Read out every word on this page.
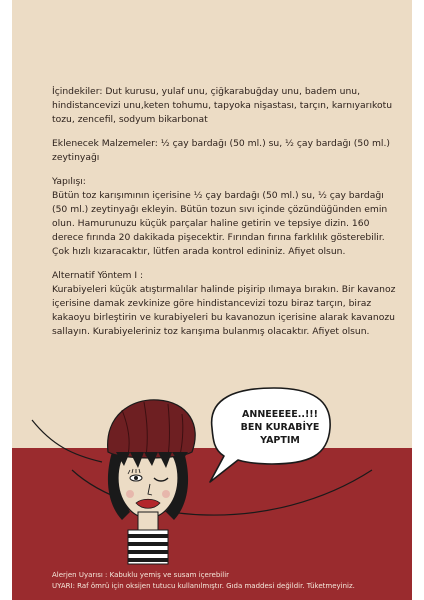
İçindekiler: Dut kurusu, yulaf unu, çiğkarabuğday unu, badem unu, hindistancevizi unu,keten tohumu, tapyoka nişastası, tarçın, karnıyarıkotu tozu, zencefil, sodyum bikarbonat

Eklenecek Malzemeler: ½ çay bardağı (50 ml.) su, ½ çay bardağı (50 ml.) zeytinyağı

Yapılışı:

Bütün toz karışımının içerisine ½ çay bardağı (50 ml.) su, ½ çay bardağı (50 ml.) zeytinyağı ekleyin. Bütün tozun sıvı içinde çözündüğünden emin olun. Hamurunuzu küçük parçalar haline getirin ve tepsiye dizin. 160 derece fırında 20 dakikada pişecektir. Fırından fırına farklılık gösterebilir. Çok hızlı kızaracaktır, lütfen arada kontrol edininiz. Afiyet olsun.

Alternatif Yöntem I :

Kurabiyeleri küçük atıştırmalılar halinde pişirip ılımaya bırakın. Bir kavanoz içerisine damak zevkinize göre hindistancevizi tozu biraz tarçın, biraz kakaoyu birleştirin ve kurabiyeleri bu kavanozun içerisine alarak kavanozu sallayın. Kurabiyeleriniz toz karışıma bulanmış olacaktır. Afiyet olsun.

ANNEEEEE..!!!
BEN KURABİYE
YAPTIM
Alerjen Uyarısı : Kabuklu yemiş ve susam içerebilir
UYARI: Raf ömrü için oksijen tutucu kullanılmıştır. Gıda maddesi değildir. Tüketmeyiniz.
